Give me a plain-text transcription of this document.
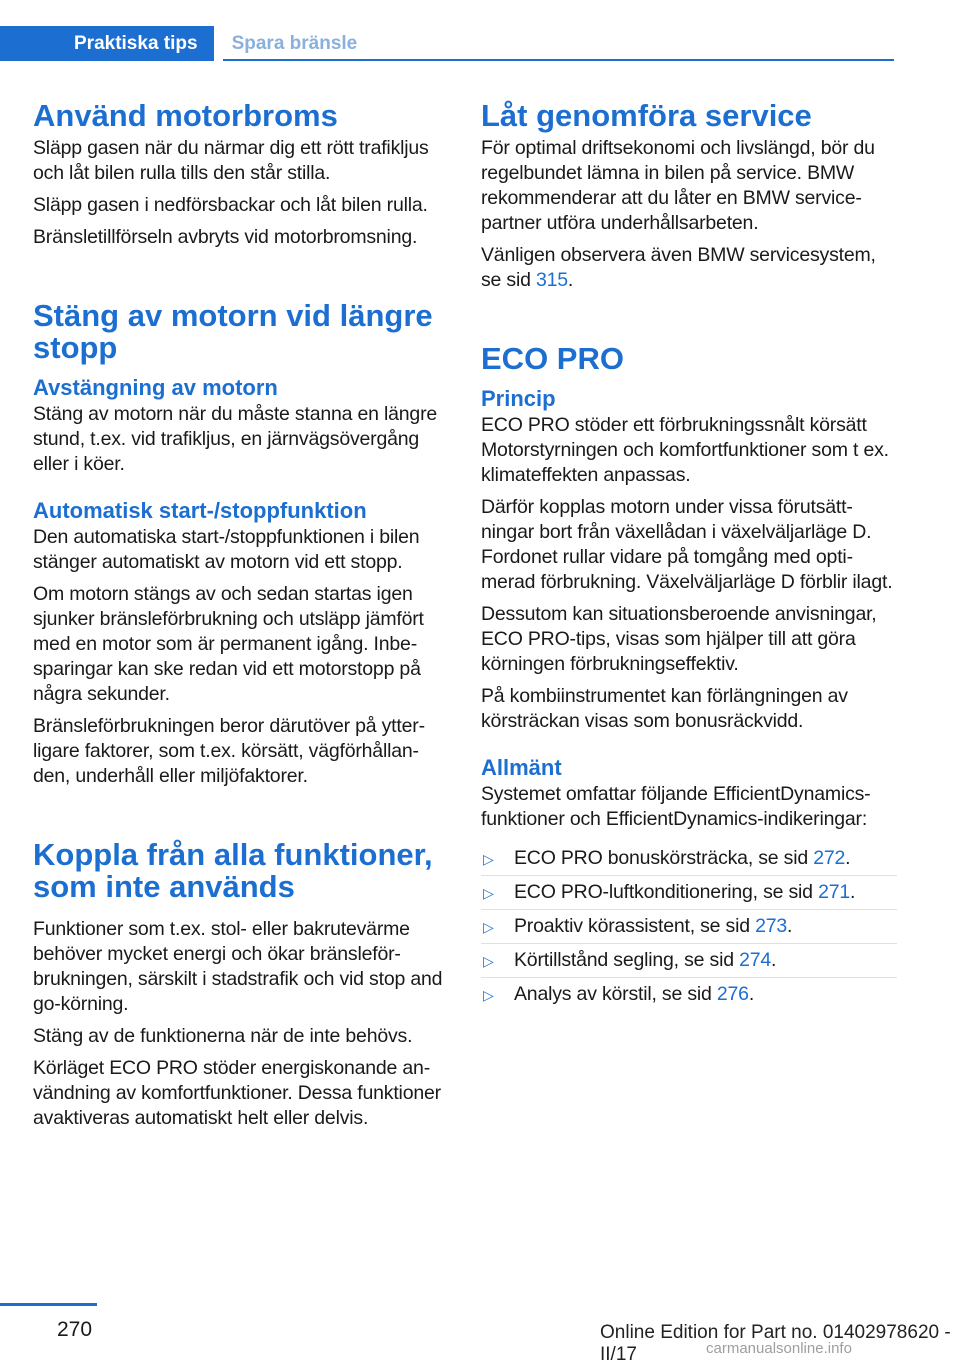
Praktiska tips	Spara bränsle
Använd motorbroms

Släpp gasen när du närmar dig ett rött trafikljus och låt bilen rulla tills den står stilla.

Släpp gasen i nedförsbackar och låt bilen rulla.

Bränsletillförseln avbryts vid motorbromsning.

Stäng av motorn vid längre stopp
Avstängning av motorn

Stäng av motorn när du måste stanna en längre stund, t.ex. vid trafikljus, en järnvägsövergång eller i köer.

Automatisk start-/stoppfunktion

Den automatiska start-/stoppfunktionen i bilen stänger automatiskt av motorn vid ett stopp.

Om motorn stängs av och sedan startas igen sjunker bränsleförbrukning och utsläpp jämfört med en motor som är permanent igång. Inbesparingar kan ske redan vid ett motorstopp på några sekunder.

Bränsleförbrukningen beror därutöver på ytterligare faktorer, som t.ex. körsätt, vägförhållanden, underhåll eller miljöfaktorer.

Koppla från alla funktioner, som inte används

Funktioner som t.ex. stol- eller bakrutevärme behöver mycket energi och ökar bränsleförbrukningen, särskilt i stadstrafik och vid stop and go-körning.

Stäng av de funktionerna när de inte behövs.

Körläget ECO PRO stöder energiskonande användning av komfortfunktioner. Dessa funktioner avaktiveras automatiskt helt eller delvis.

Låt genomföra service

För optimal driftsekonomi och livslängd, bör du regelbundet lämna in bilen på service. BMW rekommenderar att du låter en BMW servicepartner utföra underhållsarbeten.

Vänligen observera även BMW servicesystem, se sid 315.

ECO PRO
Princip

ECO PRO stöder ett förbrukningssnålt körsätt Motorstyrningen och komfortfunktioner som t ex. klimateffekten anpassas.

Därför kopplas motorn under vissa förutsättningar bort från växellådan i växelväljarläge D. Fordonet rullar vidare på tomgång med optimerad förbrukning. Växelväljarläge D förblir ilagt.

Dessutom kan situationsberoende anvisningar, ECO PRO-tips, visas som hjälper till att göra körningen förbrukningseffektiv.

På kombiinstrumentet kan förlängningen av körsträckan visas som bonusräckvidd.

Allmänt

Systemet omfattar följande EfficientDynamics-funktioner och EfficientDynamics-indikeringar:

▷ ECO PRO bonuskörsträcka, se sid 272.
▷ ECO PRO-luftkonditionering, se sid 271.
▷ Proaktiv körassistent, se sid 273.
▷ Körtillstånd segling, se sid 274.
▷ Analys av körstil, se sid 276.
270	Online Edition for Part no. 01402978620 - II/17	carmanualsonline.info
